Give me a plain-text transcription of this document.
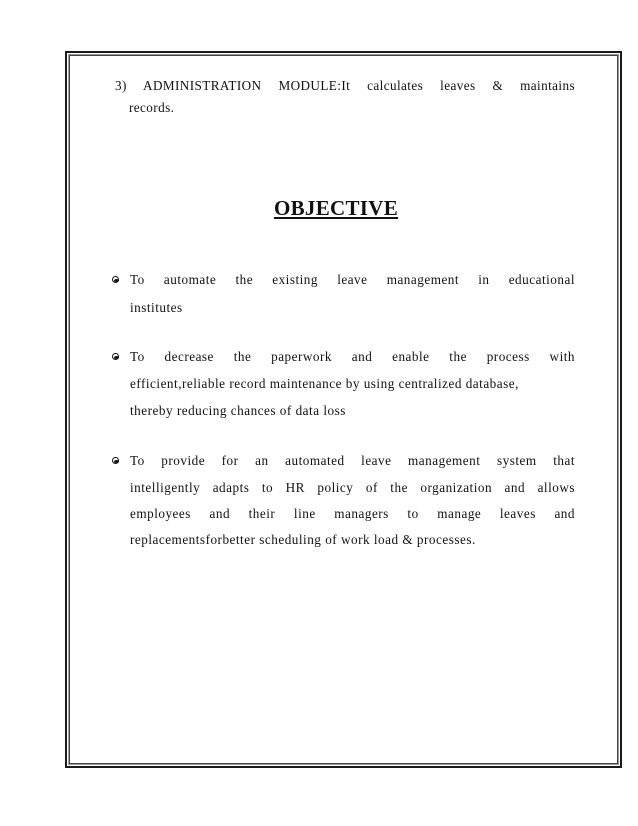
3) ADMINISTRATION MODULE:It calculates leaves & maintains
records.
OBJECTIVE
To automate the existing leave management in educational
institutes
To decrease the paperwork and enable the process with
efficient,reliable record maintenance by using centralized database,
thereby reducing chances of data loss
To provide for an automated leave management system that
intelligently adapts to HR policy of the organization and allows
employees and their line managers to manage leaves and
replacementsforbetter scheduling of work load & processes.
